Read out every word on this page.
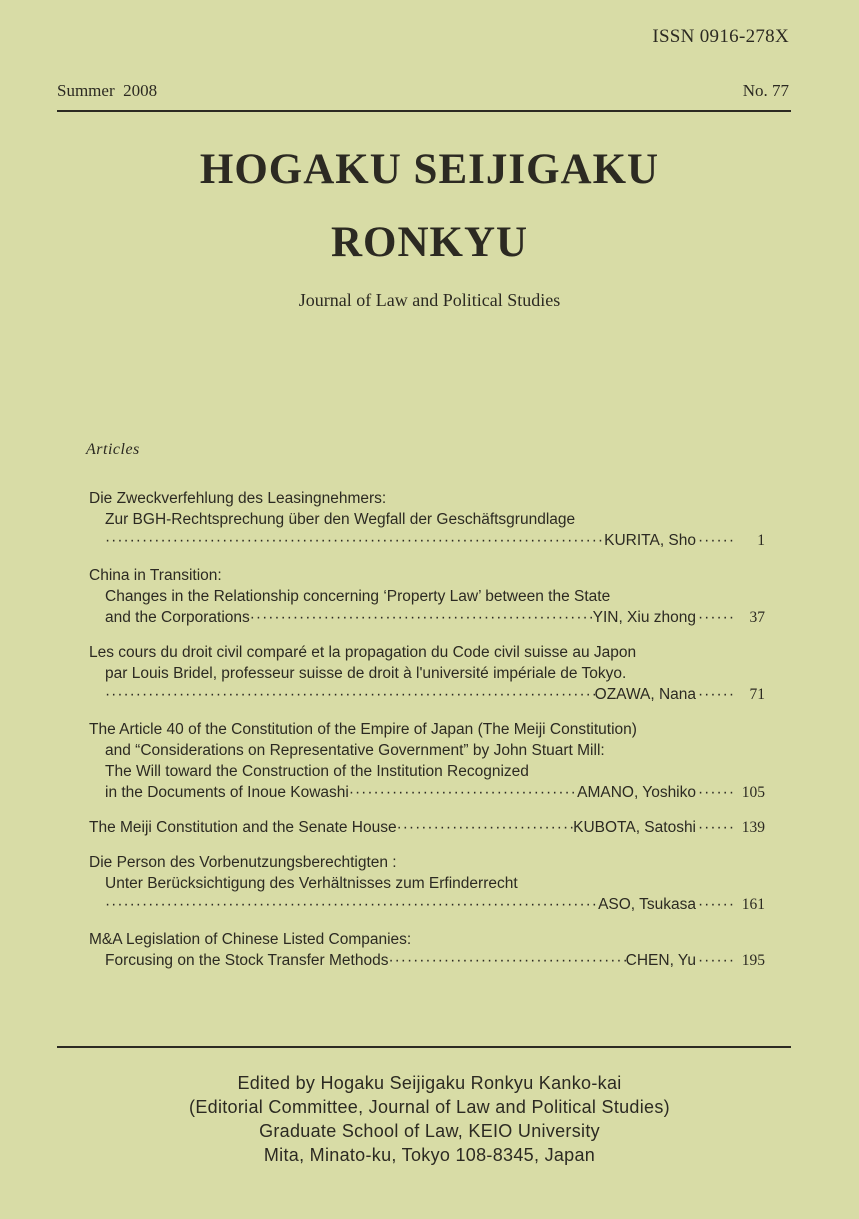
ISSN 0916-278X
Summer  2008	No. 77
HOGAKU SEIJIGAKU
RONKYU
Journal of Law and Political Studies
Articles
Die Zweckverfehlung des Leasingnehmers:
Zur BGH-Rechtsprechung über den Wegfall der Geschäftsgrundlage
·····
KURITA, Sho ······	1
China in Transition:
Changes in the Relationship concerning ‘Property Law’ between the State
and the Corporations ·····	YIN, Xiu zhong ······ 37
Les cours du droit civil comparé et la propagation du Code civil suisse au Japon
par Louis Bridel, professeur suisse de droit à l'université impériale de Tokyo.
·····
OZAWA, Nana ······ 71
The Article 40 of the Constitution of the Empire of Japan (The Meiji Constitution)
and “Considerations on Representative Government” by John Stuart Mill:
The Will toward the Construction of the Institution Recognized
in the Documents of Inoue Kowashi ·····	AMANO, Yoshiko ······ 105
The Meiji Constitution and the Senate House ·····	KUBOTA, Satoshi ······ 139
Die Person des Vorbenutzungsberechtigten :
Unter Berücksichtigung des Verhältnisses zum Erfinderrecht
·····
ASO, Tsukasa ······ 161
M&A Legislation of Chinese Listed Companies:
Forcusing on the Stock Transfer Methods ·····	CHEN, Yu ······ 195
Edited by Hogaku Seijigaku Ronkyu Kanko-kai
(Editorial Committee, Journal of Law and Political Studies)
Graduate School of Law, KEIO University
Mita, Minato-ku, Tokyo 108-8345, Japan
